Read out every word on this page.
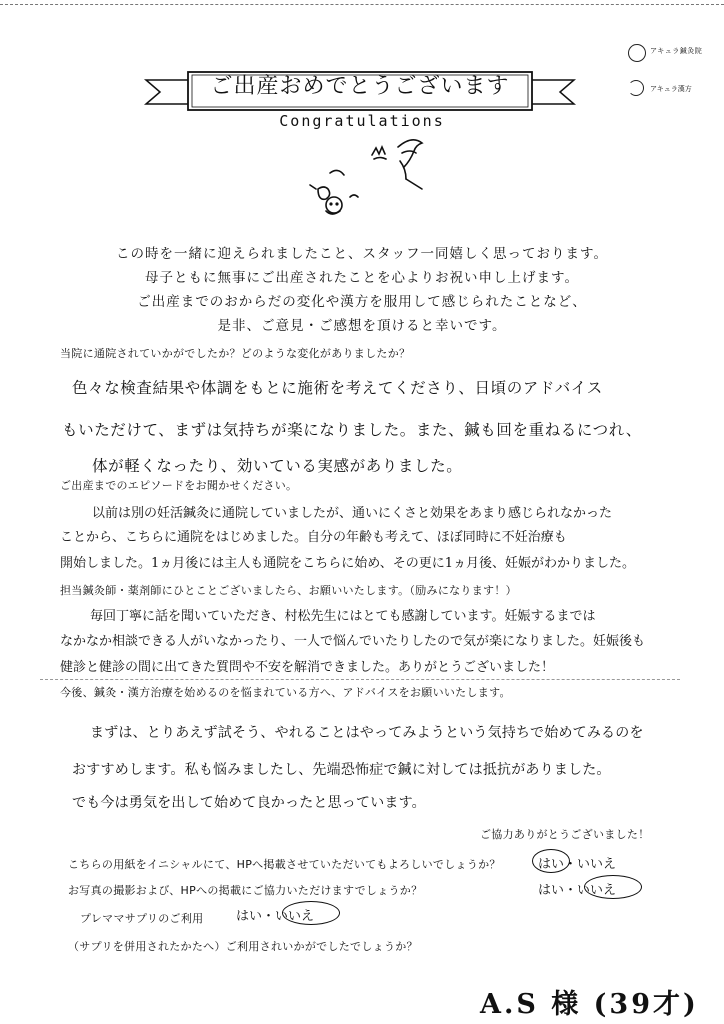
アキュラ鍼灸院
アキュラ漢方
ご出産おめでとうございます
Congratulations
この時を一緒に迎えられましたこと、スタッフ一同嬉しく思っております。
母子ともに無事にご出産されたことを心よりお祝い申し上げます。
ご出産までのおからだの変化や漢方を服用して感じられたことなど、
是非、ご意見・ご感想を頂けると幸いです。
当院に通院されていかがでしたか？どのような変化がありましたか？
色々な検査結果や体調をもとに施術を考えてくださり、日頃のアドバイス
もいただけて、まずは気持ちが楽になりました。また、鍼も回を重ねるにつれ、
体が軽くなったり、効いている実感がありました。
ご出産までのエピソードをお聞かせください。
以前は別の妊活鍼灸に通院していましたが、通いにくさと効果をあまり感じられなかった
ことから、こちらに通院をはじめました。自分の年齢も考えて、ほぼ同時に不妊治療も
開始しました。1ヵ月後には主人も通院をこちらに始め、その更に1ヵ月後、妊娠がわかりました。
担当鍼灸師・薬剤師にひとことございましたら、お願いいたします。（励みになります！）
毎回丁寧に話を聞いていただき、村松先生にはとても感謝しています。妊娠するまでは
なかなか相談できる人がいなかったり、一人で悩んでいたりしたので気が楽になりました。妊娠後も
健診と健診の間に出てきた質問や不安を解消できました。ありがとうございました！
今後、鍼灸・漢方治療を始めるのを悩まれている方へ、アドバイスをお願いいたします。
まずは、とりあえず試そう、やれることはやってみようという気持ちで始めてみるのを
おすすめします。私も悩みましたし、先端恐怖症で鍼に対しては抵抗がありました。
でも今は勇気を出して始めて良かったと思っています。
ご協力ありがとうございました！
こちらの用紙をイニシャルにて、HPへ掲載させていただいてもよろしいでしょうか？	はい・いいえ
お写真の撮影および、HPへの掲載にご協力いただけますでしょうか？	はい・いいえ
プレママサプリのご利用	はい・いいえ
（サプリを併用されたかたへ）ご利用されいかがでしたでしょうか？
A.S 様 (39才)
